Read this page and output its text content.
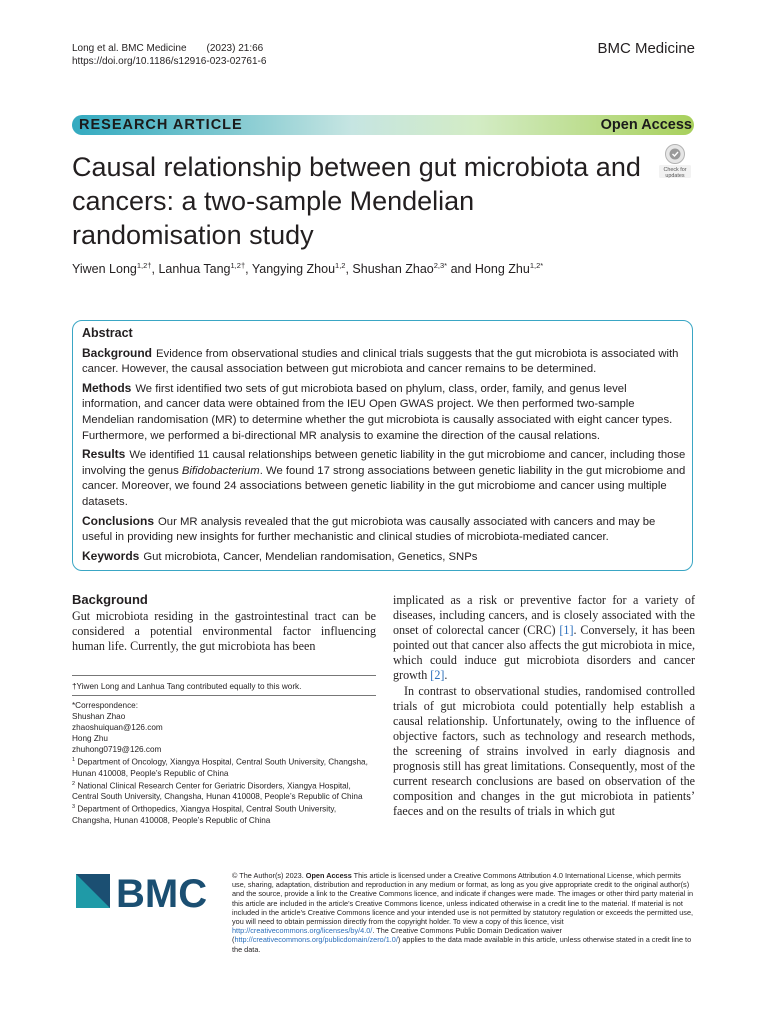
Long et al. BMC Medicine (2023) 21:66
https://doi.org/10.1186/s12916-023-02761-6
BMC Medicine
RESEARCH ARTICLE	Open Access
Causal relationship between gut microbiota and cancers: a two-sample Mendelian randomisation study
Check for
updates
Yiwen Long$^{1,2\dagger}$, Lanhua Tang$^{1,2\dagger}$, Yangying Zhou$^{1,2}$, Shushan Zhao$^{2,3*}$ and Hong Zhu$^{1,2*}$
Abstract

Background Evidence from observational studies and clinical trials suggests that the gut microbiota is associated with cancer. However, the causal association between gut microbiota and cancer remains to be determined.

Methods We first identified two sets of gut microbiota based on phylum, class, order, family, and genus level information, and cancer data were obtained from the IEU Open GWAS project. We then performed two-sample Mendelian randomisation (MR) to determine whether the gut microbiota is causally associated with eight cancer types. Furthermore, we performed a bi-directional MR analysis to examine the direction of the causal relations.

Results We identified 11 causal relationships between genetic liability in the gut microbiome and cancer, including those involving the genus Bifidobacterium. We found 17 strong associations between genetic liability in the gut microbiome and cancer. Moreover, we found 24 associations between genetic liability in the gut microbiome and cancer using multiple datasets.

Conclusions Our MR analysis revealed that the gut microbiota was causally associated with cancers and may be useful in providing new insights for further mechanistic and clinical studies of microbiota-mediated cancer.

Keywords Gut microbiota, Cancer, Mendelian randomisation, Genetics, SNPs

Background

Gut microbiota residing in the gastrointestinal tract can be considered a potential environmental factor influencing human life. Currently, the gut microbiota has been

implicated as a risk or preventive factor for a variety of diseases, including cancers, and is closely associated with the onset of colorectal cancer (CRC) [1]. Conversely, it has been pointed out that cancer also affects the gut microbiota in mice, which could induce gut microbiota disorders and cancer growth [2].

In contrast to observational studies, randomised controlled trials of gut microbiota could potentially help establish a causal relationship. Unfortunately, owing to the influence of objective factors, such as technology and research methods, the screening of strains involved in early diagnosis and prognosis still has great limitations. Consequently, most of the current research conclusions are based on observation of the composition and changes in the gut microbiota in patients’ faeces and on the results of trials in which gut

†Yiwen Long and Lanhua Tang contributed equally to this work.

*Correspondence:

Shushan Zhao

zhaoshuiquan@126.com

Hong Zhu

zhuhong0719@126.com

$^1$ Department of Oncology, Xiangya Hospital, Central South University, Changsha, Hunan 410008, People’s Republic of China

$^2$ National Clinical Research Center for Geriatric Disorders, Xiangya Hospital, Central South University, Changsha, Hunan 410008, People’s Republic of China

$^3$ Department of Orthopedics, Xiangya Hospital, Central South University, Changsha, Hunan 410008, People’s Republic of China

BMC	© The Author(s) 2023. Open Access This article is licensed under a Creative Commons Attribution 4.0 International License, which permits use, sharing, adaptation, distribution and reproduction in any medium or format, as long as you give appropriate credit to the original author(s) and the source, provide a link to the Creative Commons licence, and indicate if changes were made. The images or other third party material in this article are included in the article’s Creative Commons licence, unless indicated otherwise in a credit line to the material. If material is not included in the article’s Creative Commons licence and your intended use is not permitted by statutory regulation or exceeds the permitted use, you will need to obtain permission directly from the copyright holder. To view a copy of this licence, visit http://creativecommons.org/licenses/by/4.0/. The Creative Commons Public Domain Dedication waiver (http://creativecommons.org/publicdomain/zero/1.0/) applies to the data made available in this article, unless otherwise stated in a credit line to the data.
